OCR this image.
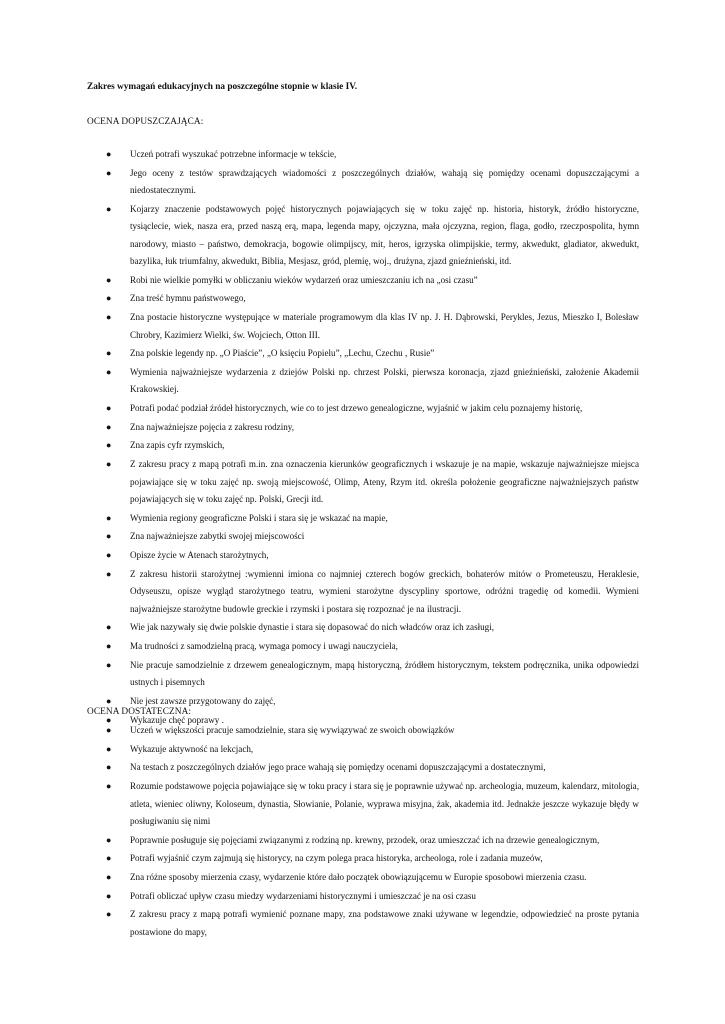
Zakres wymagań edukacyjnych na poszczególne stopnie w klasie IV.
OCENA DOPUSZCZAJĄCA:
● Uczeń potrafi wyszukać potrzebne informacje w tekście,
● Jego oceny z testów sprawdzających wiadomości z poszczególnych działów, wahają się pomiędzy ocenami dopuszczającymi a niedostatecznymi.
● Kojarzy znaczenie podstawowych pojęć historycznych pojawiających się w toku zajęć np. historia, historyk, źródło historyczne, tysiąclecie, wiek, nasza era, przed naszą erą, mapa, legenda mapy, ojczyzna, mała ojczyzna, region, flaga, godło, rzeczpospolita, hymn narodowy, miasto – państwo, demokracja, bogowie olimpijscy, mit, heros, igrzyska olimpijskie, termy, akwedukt, gladiator, akwedukt, bazylika, łuk triumfalny, akwedukt, Biblia, Mesjasz, gród, plemię, woj., drużyna, zjazd gnieźnieński, itd.
● Robi nie wielkie pomyłki w obliczaniu wieków wydarzeń oraz umieszczaniu ich na „osi czasu”
● Zna treść hymnu państwowego,
● Zna postacie historyczne występujące w materiale programowym dla klas IV np. J. H. Dąbrowski, Perykles, Jezus, Mieszko I, Bolesław Chrobry, Kazimierz Wielki, św. Wojciech, Otton III.
● Zna polskie legendy np. „O Piaście”, „O księciu Popielu”, „Lechu, Czechu , Rusie”
● Wymienia najważniejsze wydarzenia z dziejów Polski np. chrzest Polski, pierwsza koronacja, zjazd gnieźnieński, założenie Akademii Krakowskiej.
● Potrafi podać podział źródeł historycznych, wie co to jest drzewo genealogiczne, wyjaśnić w jakim celu poznajemy historię,
● Zna najważniejsze pojęcia z zakresu rodziny,
● Zna zapis cyfr rzymskich,
● Z zakresu pracy z mapą potrafi m.in. zna oznaczenia kierunków geograficznych i wskazuje je na mapie, wskazuje najważniejsze miejsca pojawiające się w toku zajęć np. swoją miejscowość, Olimp, Ateny, Rzym itd. określa położenie geograficzne najważniejszych państw pojawiających się w toku zajęć np. Polski, Grecji itd.
● Wymienia regiony geograficzne Polski i stara się je wskazać na mapie,
● Zna najważniejsze zabytki swojej miejscowości
● Opisze życie w Atenach starożytnych,
● Z zakresu historii starożytnej :wymienni imiona co najmniej czterech bogów greckich, bohaterów mitów o Prometeuszu, Heraklesie, Odyseuszu, opisze wygląd starożytnego teatru, wymieni starożytne dyscypliny sportowe, odróżni tragedię od komedii. Wymieni najważniejsze starożytne budowle greckie i rzymski i postara się rozpoznać je na ilustracji.
● Wie jak nazywały się dwie polskie dynastie i stara się dopasować do nich władców oraz ich zasługi,
● Ma trudności z samodzielną pracą, wymaga pomocy i uwagi nauczyciela,
● Nie pracuje samodzielnie z drzewem genealogicznym, mapą historyczną, źródłem historycznym, tekstem podręcznika, unika odpowiedzi ustnych i pisemnych
● Nie jest zawsze przygotowany do zajęć,
● Wykazuje chęć poprawy .
OCENA DOSTATECZNA:
● Uczeń w większości pracuje samodzielnie, stara się wywiązywać ze swoich obowiązków
● Wykazuje aktywność na lekcjach,
● Na testach z poszczególnych działów jego prace wahają się pomiędzy ocenami dopuszczającymi a dostatecznymi,
● Rozumie podstawowe pojęcia pojawiające się w toku pracy i stara się je poprawnie używać np. archeologia, muzeum, kalendarz, mitologia, atleta, wieniec oliwny, Koloseum, dynastia, Słowianie, Polanie, wyprawa misyjna, żak, akademia itd. Jednakże jeszcze wykazuje błędy w posługiwaniu się nimi
● Poprawnie posługuje się pojęciami związanymi z rodziną np. krewny, przodek, oraz umieszczać ich na drzewie genealogicznym,
● Potrafi wyjaśnić czym zajmują się historycy, na czym polega praca historyka, archeologa, role i zadania muzeów,
● Zna różne sposoby mierzenia czasy, wydarzenie które dało początek obowiązującemu w Europie sposobowi mierzenia czasu.
● Potrafi obliczać upływ czasu miedzy wydarzeniami historycznymi i umieszczać je na osi czasu
● Z zakresu pracy z mapą potrafi wymienić poznane mapy, zna podstawowe znaki używane w legendzie, odpowiedzieć na proste pytania postawione do mapy,
